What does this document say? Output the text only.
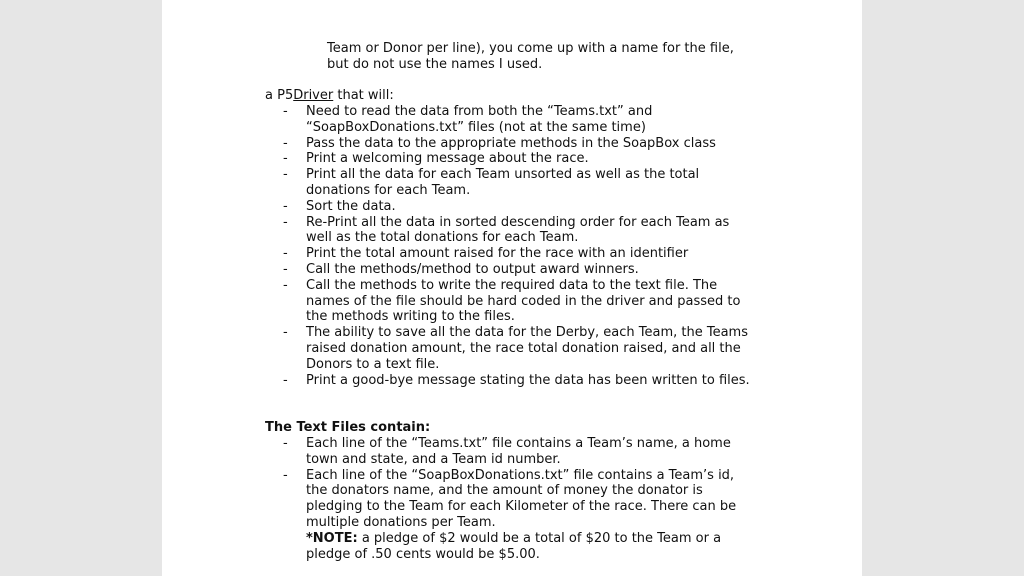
Team or Donor per line), you come up with a name for the file,
but do not use the names I used.
a P5Driver that will:
- Need to read the data from both the “Teams.txt” and
“SoapBoxDonations.txt” files (not at the same time)
- Pass the data to the appropriate methods in the SoapBox class
- Print a welcoming message about the race.
- Print all the data for each Team unsorted as well as the total
donations for each Team.
- Sort the data.
- Re-Print all the data in sorted descending order for each Team as
well as the total donations for each Team.
- Print the total amount raised for the race with an identifier
- Call the methods/method to output award winners.
- Call the methods to write the required data to the text file. The
names of the file should be hard coded in the driver and passed to
the methods writing to the files.
- The ability to save all the data for the Derby, each Team, the Teams
raised donation amount, the race total donation raised, and all the
Donors to a text file.
- Print a good-bye message stating the data has been written to files.
The Text Files contain:
- Each line of the “Teams.txt” file contains a Team’s name, a home
town and state, and a Team id number.
- Each line of the “SoapBoxDonations.txt” file contains a Team’s id,
the donators name, and the amount of money the donator is
pledging to the Team for each Kilometer of the race. There can be
multiple donations per Team.
*NOTE: a pledge of $2 would be a total of $20 to the Team or a
pledge of .50 cents would be $5.00.
